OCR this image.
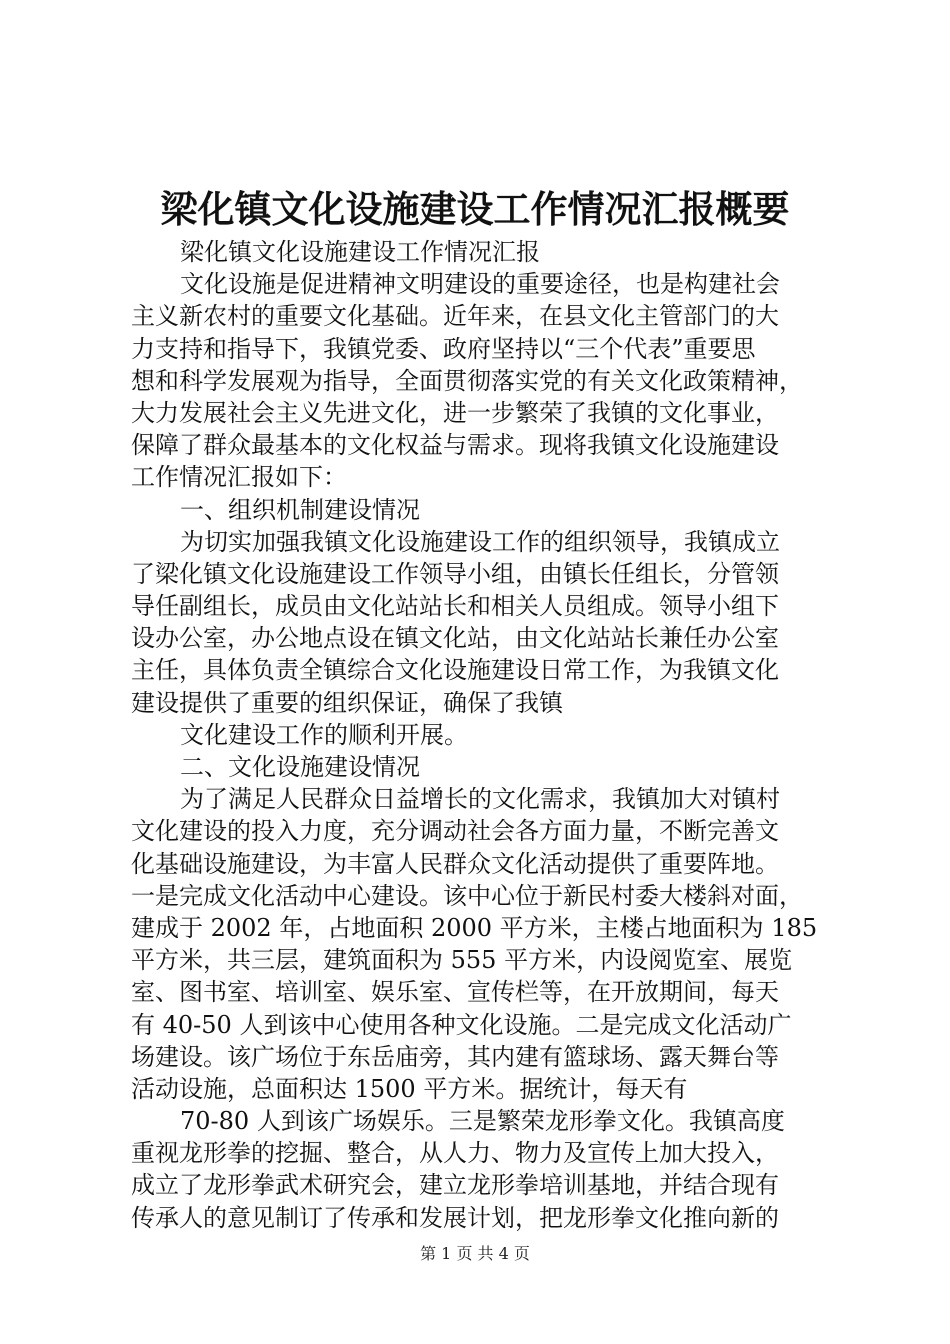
梁化镇文化设施建设工作情况汇报概要
梁化镇文化设施建设工作情况汇报
文化设施是促进精神文明建设的重要途径，也是构建社会
主义新农村的重要文化基础。近年来，在县文化主管部门的大
力支持和指导下，我镇党委、政府坚持以“三个代表”重要思
想和科学发展观为指导，全面贯彻落实党的有关文化政策精神，
大力发展社会主义先进文化，进一步繁荣了我镇的文化事业，
保障了群众最基本的文化权益与需求。现将我镇文化设施建设
工作情况汇报如下：
一、组织机制建设情况
为切实加强我镇文化设施建设工作的组织领导，我镇成立
了梁化镇文化设施建设工作领导小组，由镇长任组长，分管领
导任副组长，成员由文化站站长和相关人员组成。领导小组下
设办公室，办公地点设在镇文化站，由文化站站长兼任办公室
主任，具体负责全镇综合文化设施建设日常工作，为我镇文化
建设提供了重要的组织保证，确保了我镇
文化建设工作的顺利开展。
二、文化设施建设情况
为了满足人民群众日益增长的文化需求，我镇加大对镇村
文化建设的投入力度，充分调动社会各方面力量，不断完善文
化基础设施建设，为丰富人民群众文化活动提供了重要阵地。
一是完成文化活动中心建设。该中心位于新民村委大楼斜对面，
建成于 2002 年，占地面积 2000 平方米，主楼占地面积为 185
平方米，共三层，建筑面积为 555 平方米，内设阅览室、展览
室、图书室、培训室、娱乐室、宣传栏等，在开放期间，每天
有 40-50 人到该中心使用各种文化设施。二是完成文化活动广
场建设。该广场位于东岳庙旁，其内建有篮球场、露天舞台等
活动设施，总面积达 1500 平方米。据统计，每天有
70-80 人到该广场娱乐。三是繁荣龙形拳文化。我镇高度
重视龙形拳的挖掘、整合，从人力、物力及宣传上加大投入，
成立了龙形拳武术研究会，建立龙形拳培训基地，并结合现有
传承人的意见制订了传承和发展计划，把龙形拳文化推向新的
第 1 页 共 4 页
